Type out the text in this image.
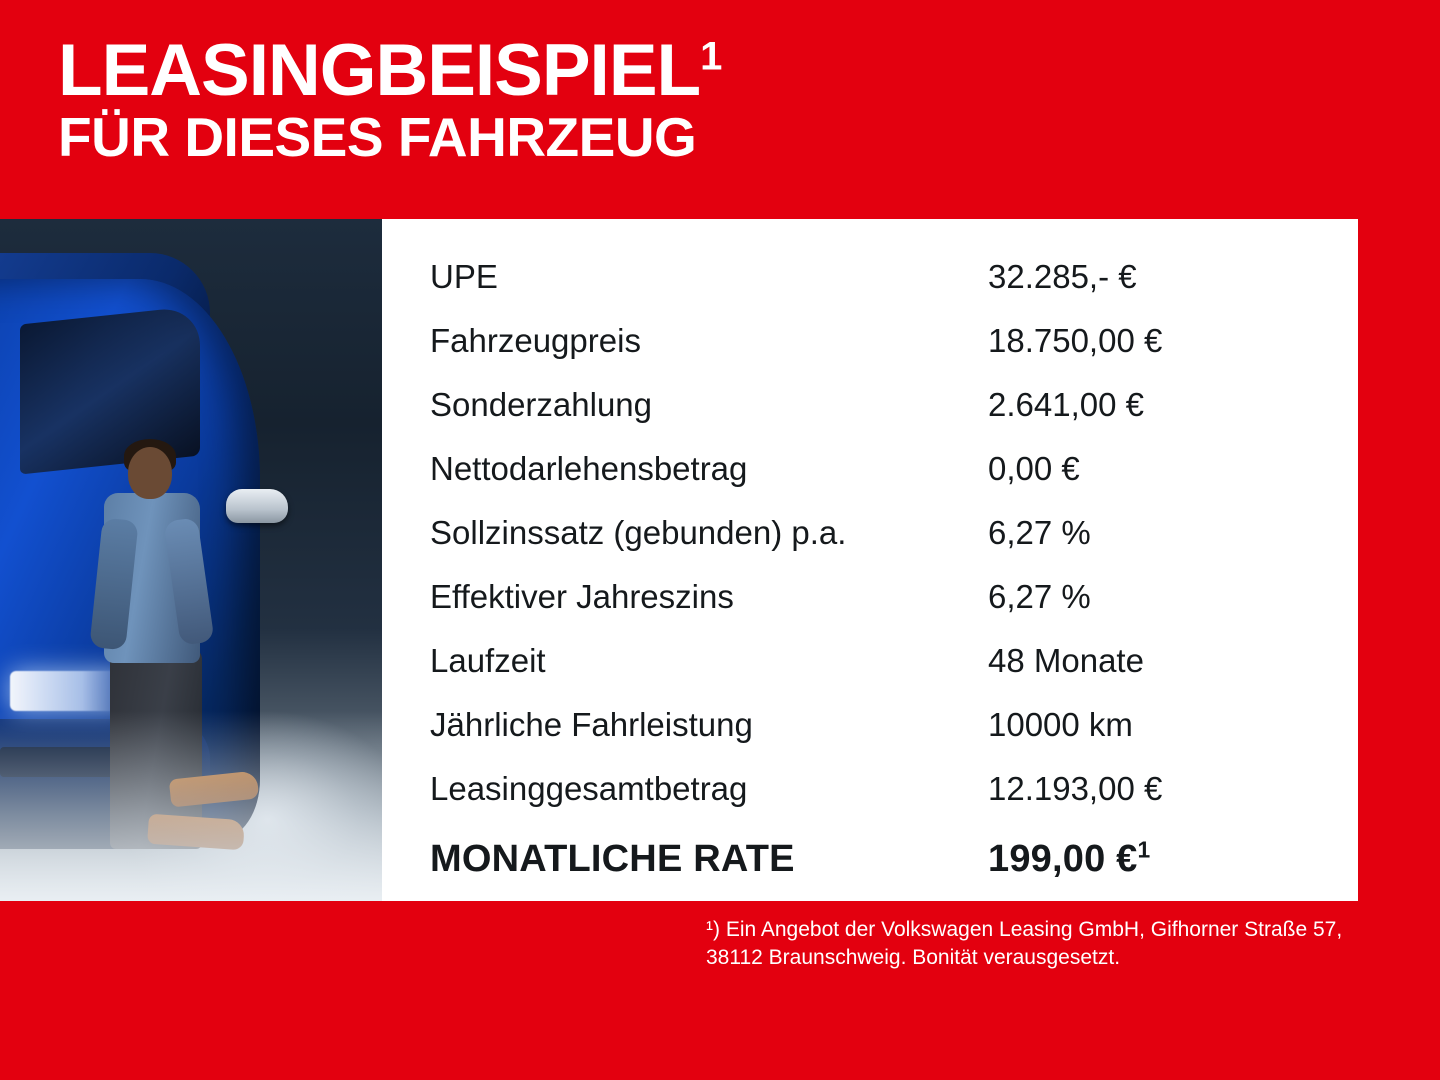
LEASINGBEISPIEL$^1$
FÜR DIESES FAHRZEUG
UPE	32.285,- €
Fahrzeugpreis	18.750,00 €
Sonderzahlung	2.641,00 €
Nettodarlehensbetrag	0,00 €
Sollzinssatz (gebunden) p.a.	6,27 %
Effektiver Jahreszins	6,27 %
Laufzeit	48 Monate
Jährliche Fahrleistung	10000 km
Leasinggesamtbetrag	12.193,00 €
MONATLICHE RATE	199,00 €$^1$
¹) Ein Angebot der Volkswagen Leasing GmbH, Gifhorner Straße 57, 38112 Braunschweig. Bonität verausgesetzt.
